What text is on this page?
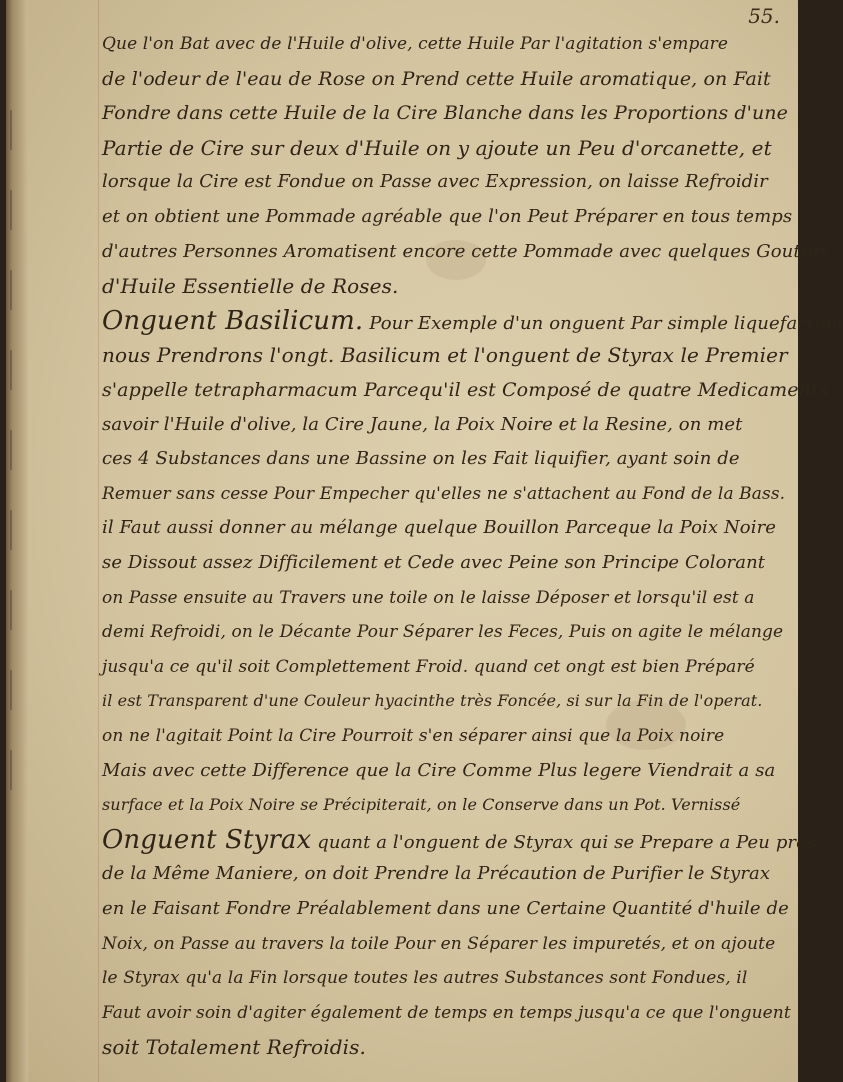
55.
Que l'on Bat avec de l'Huile d'olive, cette Huile Par l'agitation s'empare
de l'odeur de l'eau de Rose on Prend cette Huile aromatique, on Fait
Fondre dans cette Huile de la Cire Blanche dans les Proportions d'une
Partie de Cire sur deux d'Huile on y ajoute un Peu d'orcanette, et
lorsque la Cire est Fondue on Passe avec Expression, on laisse Refroidir
et on obtient une Pommade agréable que l'on Peut Préparer en tous temps
d'autres Personnes Aromatisent encore cette Pommade avec quelques Gouttes
d'Huile Essentielle de Roses.
Onguent Basilicum. Pour Exemple d'un onguent Par simple liquefaction
nous Prendrons l'ongt. Basilicum et l'onguent de Styrax le Premier
s'appelle tetrapharmacum Parcequ'il est Composé de quatre Medicaments
savoir l'Huile d'olive, la Cire Jaune, la Poix Noire et la Resine, on met
ces 4 Substances dans une Bassine on les Fait liquifier, ayant soin de
Remuer sans cesse Pour Empecher qu'elles ne s'attachent au Fond de la Bass.
il Faut aussi donner au mélange quelque Bouillon Parceque la Poix Noire
se Dissout assez Difficilement et Cede avec Peine son Principe Colorant
on Passe ensuite au Travers une toile on le laisse Déposer et lorsqu'il est a
demi Refroidi, on le Décante Pour Séparer les Feces, Puis on agite le mélange
jusqu'a ce qu'il soit Complettement Froid. quand cet ongt est bien Préparé
il est Transparent d'une Couleur hyacinthe très Foncée, si sur la Fin de l'operat.
on ne l'agitait Point la Cire Pourroit s'en séparer ainsi que la Poix noire
Mais avec cette Difference que la Cire Comme Plus legere Viendrait a sa
surface et la Poix Noire se Précipiterait, on le Conserve dans un Pot. Vernissé
Onguent Styrax quant a l'onguent de Styrax qui se Prepare a Peu près
de la Même Maniere, on doit Prendre la Précaution de Purifier le Styrax
en le Faisant Fondre Préalablement dans une Certaine Quantité d'huile de
Noix, on Passe au travers la toile Pour en Séparer les impuretés, et on ajoute
le Styrax qu'a la Fin lorsque toutes les autres Substances sont Fondues, il
Faut avoir soin d'agiter également de temps en temps jusqu'a ce que l'onguent
soit Totalement Refroidis.
